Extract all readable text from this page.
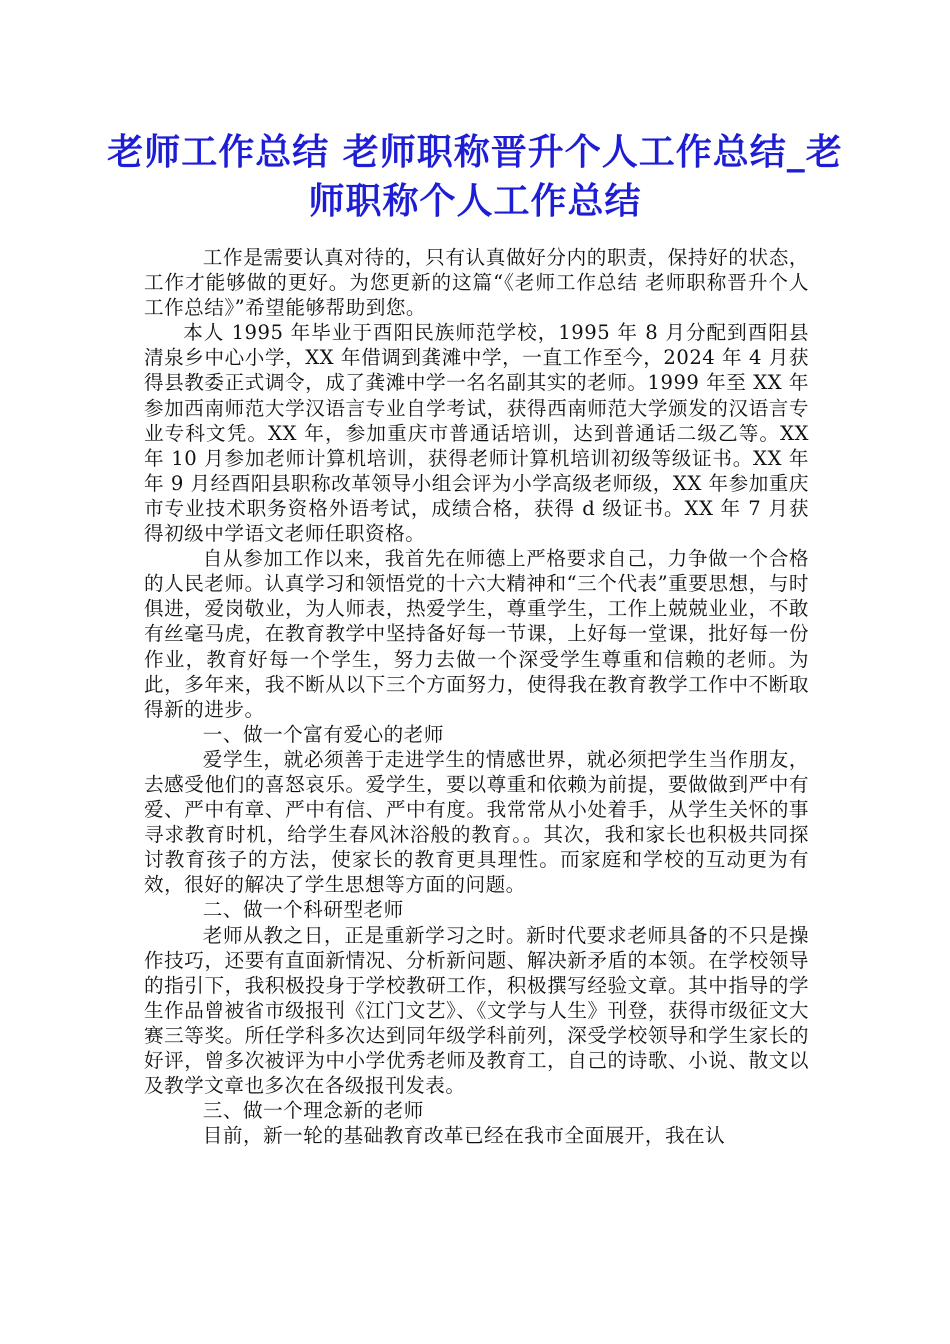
老师工作总结 老师职称晋升个人工作总结_老师职称个人工作总结

工作是需要认真对待的，只有认真做好分内的职责，保持好的状态，工作才能够做的更好。为您更新的这篇“《老师工作总结 老师职称晋升个人工作总结》”希望能够帮助到您。

本人 1995 年毕业于酉阳民族师范学校，1995 年 8 月分配到酉阳县清泉乡中心小学，XX 年借调到龚滩中学，一直工作至今，2024 年 4 月获得县教委正式调令，成了龚滩中学一名名副其实的老师。1999 年至 XX 年参加西南师范大学汉语言专业自学考试，获得西南师范大学颁发的汉语言专业专科文凭。XX 年，参加重庆市普通话培训，达到普通话二级乙等。XX 年 10 月参加老师计算机培训，获得老师计算机培训初级等级证书。XX 年年 9 月经酉阳县职称改革领导小组会评为小学高级老师级，XX 年参加重庆市专业技术职务资格外语考试，成绩合格，获得 d 级证书。XX 年 7 月获得初级中学语文老师任职资格。

自从参加工作以来，我首先在师德上严格要求自己，力争做一个合格的人民老师。认真学习和领悟党的十六大精神和“三个代表”重要思想，与时俱进，爱岗敬业，为人师表，热爱学生，尊重学生，工作上兢兢业业，不敢有丝毫马虎，在教育教学中坚持备好每一节课，上好每一堂课，批好每一份作业，教育好每一个学生，努力去做一个深受学生尊重和信赖的老师。为此，多年来，我不断从以下三个方面努力，使得我在教育教学工作中不断取得新的进步。

一、做一个富有爱心的老师

爱学生，就必须善于走进学生的情感世界，就必须把学生当作朋友，去感受他们的喜怒哀乐。爱学生，要以尊重和依赖为前提，要做做到严中有爱、严中有章、严中有信、严中有度。我常常从小处着手，从学生关怀的事寻求教育时机，给学生春风沐浴般的教育。。其次，我和家长也积极共同探讨教育孩子的方法，使家长的教育更具理性。而家庭和学校的互动更为有效，很好的解决了学生思想等方面的问题。

二、做一个科研型老师

老师从教之日，正是重新学习之时。新时代要求老师具备的不只是操作技巧，还要有直面新情况、分析新问题、解决新矛盾的本领。在学校领导的指引下，我积极投身于学校教研工作，积极撰写经验文章。其中指导的学生作品曾被省市级报刊《江门文艺》、《文学与人生》刊登，获得市级征文大赛三等奖。所任学科多次达到同年级学科前列，深受学校领导和学生家长的好评，曾多次被评为中小学优秀老师及教育工，自己的诗歌、小说、散文以及教学文章也多次在各级报刊发表。

三、做一个理念新的老师

目前，新一轮的基础教育改革已经在我市全面展开，我在认
